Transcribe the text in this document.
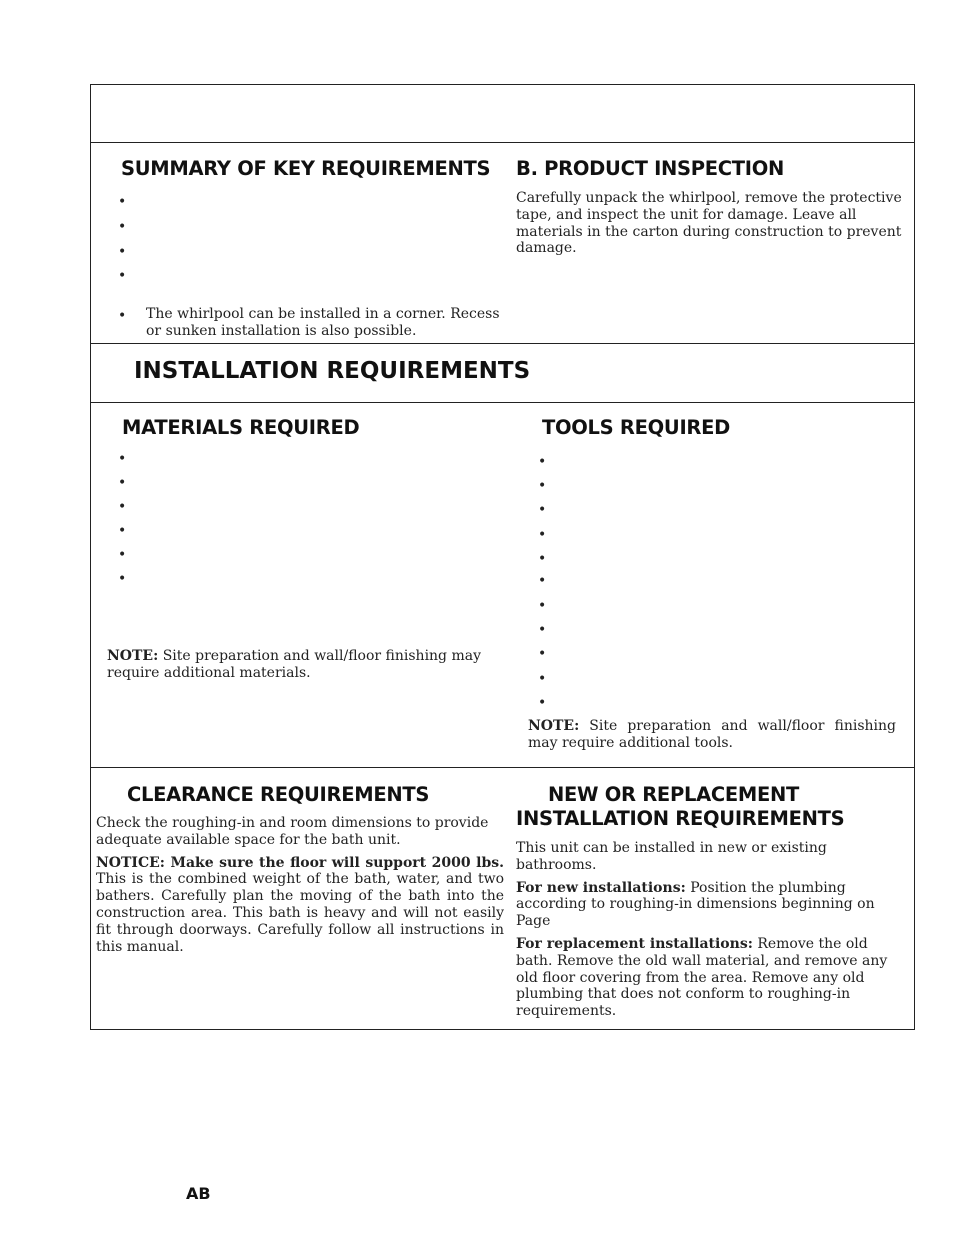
SUMMARY OF KEY REQUIREMENTS
•
•
•
•
• The whirlpool can be installed in a corner. Recess or sunken installation is also possible.

B. PRODUCT INSPECTION

Carefully unpack the whirlpool, remove the protective tape, and inspect the unit for damage. Leave all materials in the carton during construction to prevent damage.

INSTALLATION REQUIREMENTS
MATERIALS REQUIRED
•
•
•
•
•
•

NOTE: Site preparation and wall/floor finishing may require additional materials.

TOOLS REQUIRED
•
•
•
•
•
•
•
•
•
•
•

NOTE: Site preparation and wall/floor finishing may require additional tools.

CLEARANCE REQUIREMENTS

Check the roughing-in and room dimensions to provide adequate available space for the bath unit.

NOTICE: Make sure the floor will support 2000 lbs. This is the combined weight of the bath, water, and two bathers. Carefully plan the moving of the bath into the construction area. This bath is heavy and will not easily fit through doorways. Carefully follow all instructions in this manual.

NEW OR REPLACEMENT
INSTALLATION REQUIREMENTS

This unit can be installed in new or existing bathrooms.

For new installations: Position the plumbing according to roughing-in dimensions beginning on Page

For replacement installations: Remove the old bath. Remove the old wall material, and remove any old floor covering from the area. Remove any old plumbing that does not conform to roughing-in requirements.

AB
